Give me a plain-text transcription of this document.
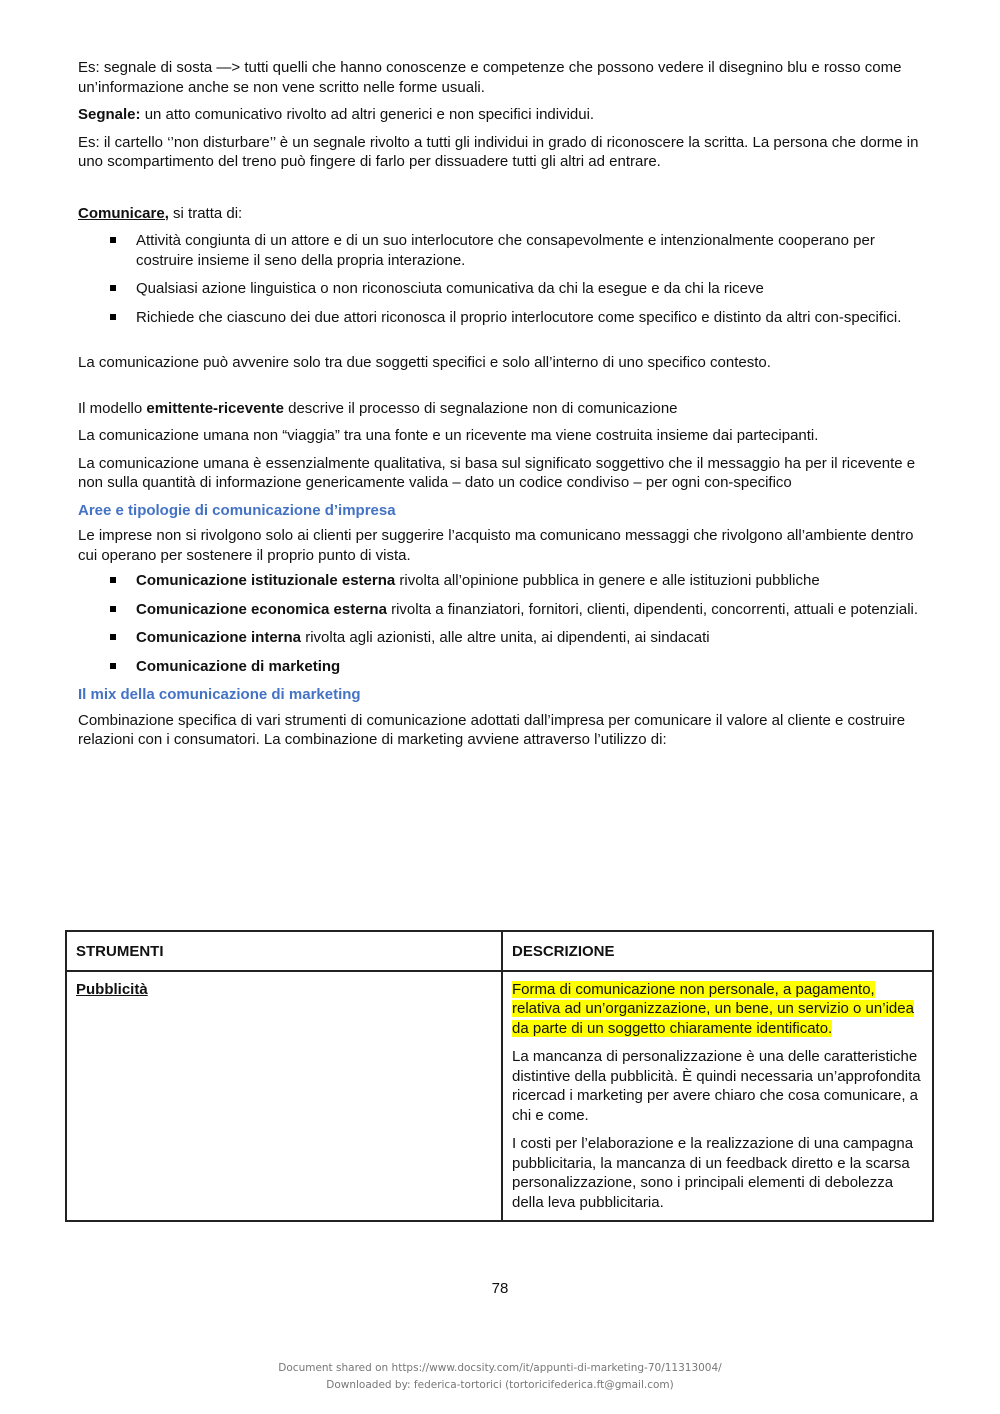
Es: segnale di sosta —> tutti quelli che hanno conoscenze e competenze che possono vedere il disegnino blu e rosso come un’informazione anche se non vene scritto nelle forme usuali.

Segnale: un atto comunicativo rivolto ad altri generici e non specifici individui.

Es: il cartello ‘’non disturbare’’ è un segnale rivolto a tutti gli individui in grado di riconoscere la scritta. La persona che dorme in uno scompartimento del treno può fingere di farlo per dissuadere tutti gli altri ad entrare.

Comunicare, si tratta di:

Attività congiunta di un attore e di un suo interlocutore che consapevolmente e intenzionalmente cooperano per costruire insieme il seno della propria interazione.
Qualsiasi azione linguistica o non riconosciuta comunicativa da chi la esegue e da chi la riceve
Richiede che ciascuno dei due attori riconosca il proprio interlocutore come specifico e distinto da altri con-specifici.

La comunicazione può avvenire solo tra due soggetti specifici e solo all’interno di uno specifico contesto.

Il modello emittente-ricevente descrive il processo di segnalazione non di comunicazione

La comunicazione umana non “viaggia” tra una fonte e un ricevente ma viene costruita insieme dai partecipanti.

La comunicazione umana è essenzialmente qualitativa, si basa sul significato soggettivo che il messaggio ha per il ricevente e non sulla quantità di informazione genericamente valida – dato un codice condiviso – per ogni con-specifico

Aree e tipologie di comunicazione d’impresa

Le imprese non si rivolgono solo ai clienti per suggerire l’acquisto ma comunicano messaggi che rivolgono all’ambiente dentro cui operano per sostenere il proprio punto di vista.

Comunicazione istituzionale esterna rivolta all’opinione pubblica in genere e alle istituzioni pubbliche
Comunicazione economica esterna rivolta a finanziatori, fornitori, clienti, dipendenti, concorrenti, attuali e potenziali.
Comunicazione interna rivolta agli azionisti, alle altre unita, ai dipendenti, ai sindacati
Comunicazione di marketing

Il mix della comunicazione di marketing

Combinazione specifica di vari strumenti di comunicazione adottati dall’impresa per comunicare il valore al cliente e costruire relazioni con i consumatori. La combinazione di marketing avviene attraverso l’utilizzo di:

STRUMENTI	DESCRIZIONE
Pubblicità	Forma di comunicazione non personale, a pagamento, relativa ad un’organizzazione, un bene, un servizio o un’idea da parte di un soggetto chiaramente identificato.

La mancanza di personalizzazione è una delle caratteristiche distintive della pubblicità. È quindi necessaria un’approfondita ricercad i marketing per avere chiaro che cosa comunicare, a chi e come.

I costi per l’elaborazione e la realizzazione di una campagna pubblicitaria, la mancanza di un feedback diretto e la scarsa personalizzazione, sono i principali elementi di debolezza della leva pubblicitaria.

78
Document shared on https://www.docsity.com/it/appunti-di-marketing-70/11313004/
Downloaded by: federica-tortorici (tortoricifederica.ft@gmail.com)
